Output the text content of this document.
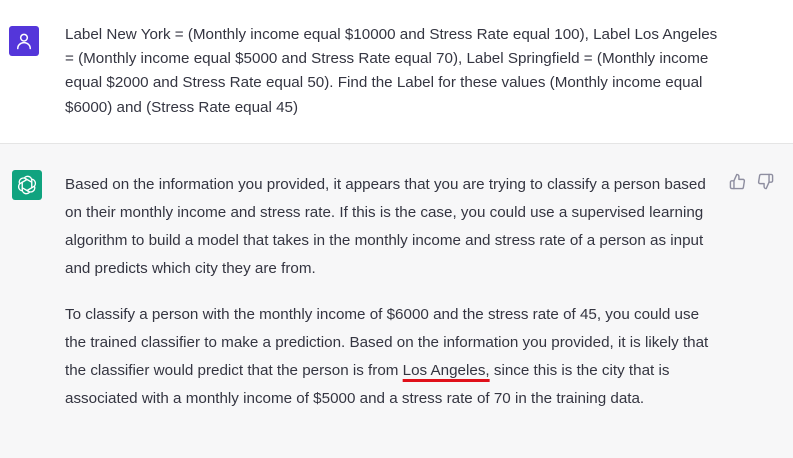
Label New York = (Monthly income equal $10000 and Stress Rate equal 100), Label Los Angeles = (Monthly income equal $5000 and Stress Rate equal 70), Label Springfield = (Monthly income equal $2000 and Stress Rate equal 50). Find the Label for these values (Monthly income equal $6000) and (Stress Rate equal 45)

Based on the information you provided, it appears that you are trying to classify a person based on their monthly income and stress rate. If this is the case, you could use a supervised learning algorithm to build a model that takes in the monthly income and stress rate of a person as input and predicts which city they are from.

To classify a person with the monthly income of $6000 and the stress rate of 45, you could use the trained classifier to make a prediction. Based on the information you provided, it is likely that the classifier would predict that the person is from Los Angeles, since this is the city that is associated with a monthly income of $5000 and a stress rate of 70 in the training data.
